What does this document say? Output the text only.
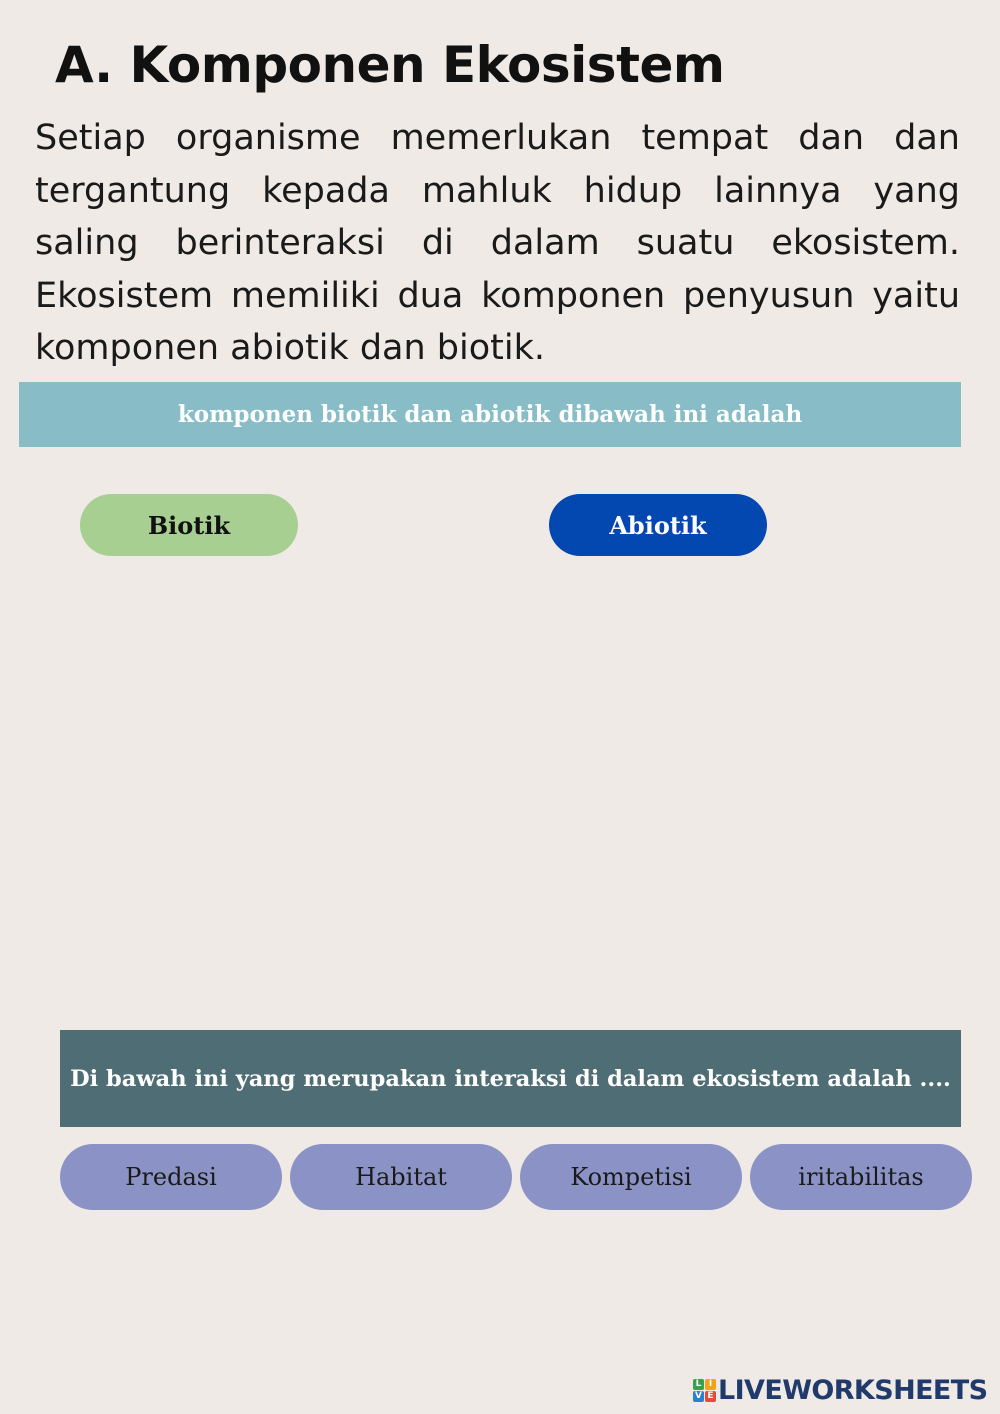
A. Komponen Ekosistem

Setiap organisme memerlukan tempat dan dan tergantung kepada mahluk hidup lainnya yang saling berinteraksi di dalam suatu ekosistem. Ekosistem memiliki dua komponen penyusun yaitu komponen abiotik dan biotik.

komponen biotik dan abiotik dibawah ini adalah
Biotik	Abiotik
Di bawah ini yang merupakan interaksi di dalam ekosistem adalah ....
Predasi	Habitat	Kompetisi	iritabilitas
L I
V E LIVEWORKSHEETS
